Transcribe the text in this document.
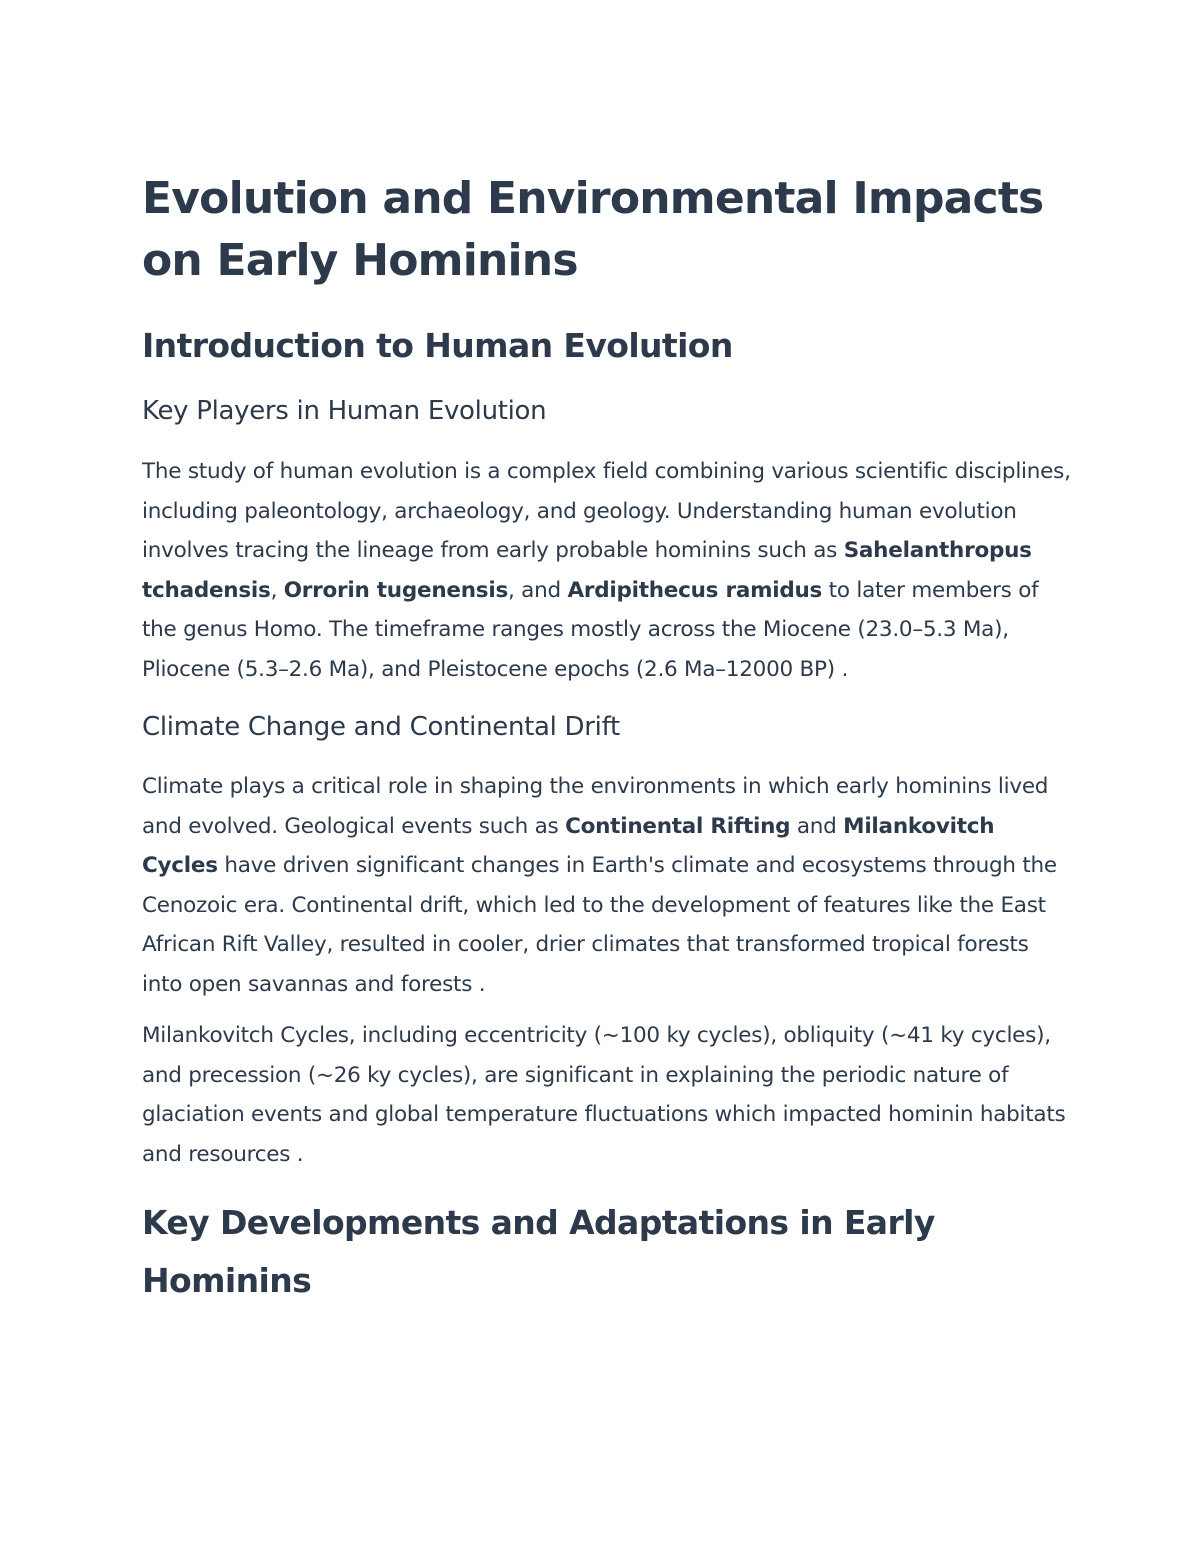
Evolution and Environmental Impacts on Early Hominins
Introduction to Human Evolution
Key Players in Human Evolution

The study of human evolution is a complex field combining various scientific disciplines, including paleontology, archaeology, and geology. Understanding human evolution involves tracing the lineage from early probable hominins such as Sahelanthropus tchadensis, Orrorin tugenensis, and Ardipithecus ramidus to later members of the genus Homo. The timeframe ranges mostly across the Miocene (23.0–5.3 Ma), Pliocene (5.3–2.6 Ma), and Pleistocene epochs (2.6 Ma–12000 BP) .

Climate Change and Continental Drift

Climate plays a critical role in shaping the environments in which early hominins lived and evolved. Geological events such as Continental Rifting and Milankovitch Cycles have driven significant changes in Earth's climate and ecosystems through the Cenozoic era. Continental drift, which led to the development of features like the East African Rift Valley, resulted in cooler, drier climates that transformed tropical forests into open savannas and forests .

Milankovitch Cycles, including eccentricity (~100 ky cycles), obliquity (~41 ky cycles), and precession (~26 ky cycles), are significant in explaining the periodic nature of glaciation events and global temperature fluctuations which impacted hominin habitats and resources .

Key Developments and Adaptations in Early Hominins
